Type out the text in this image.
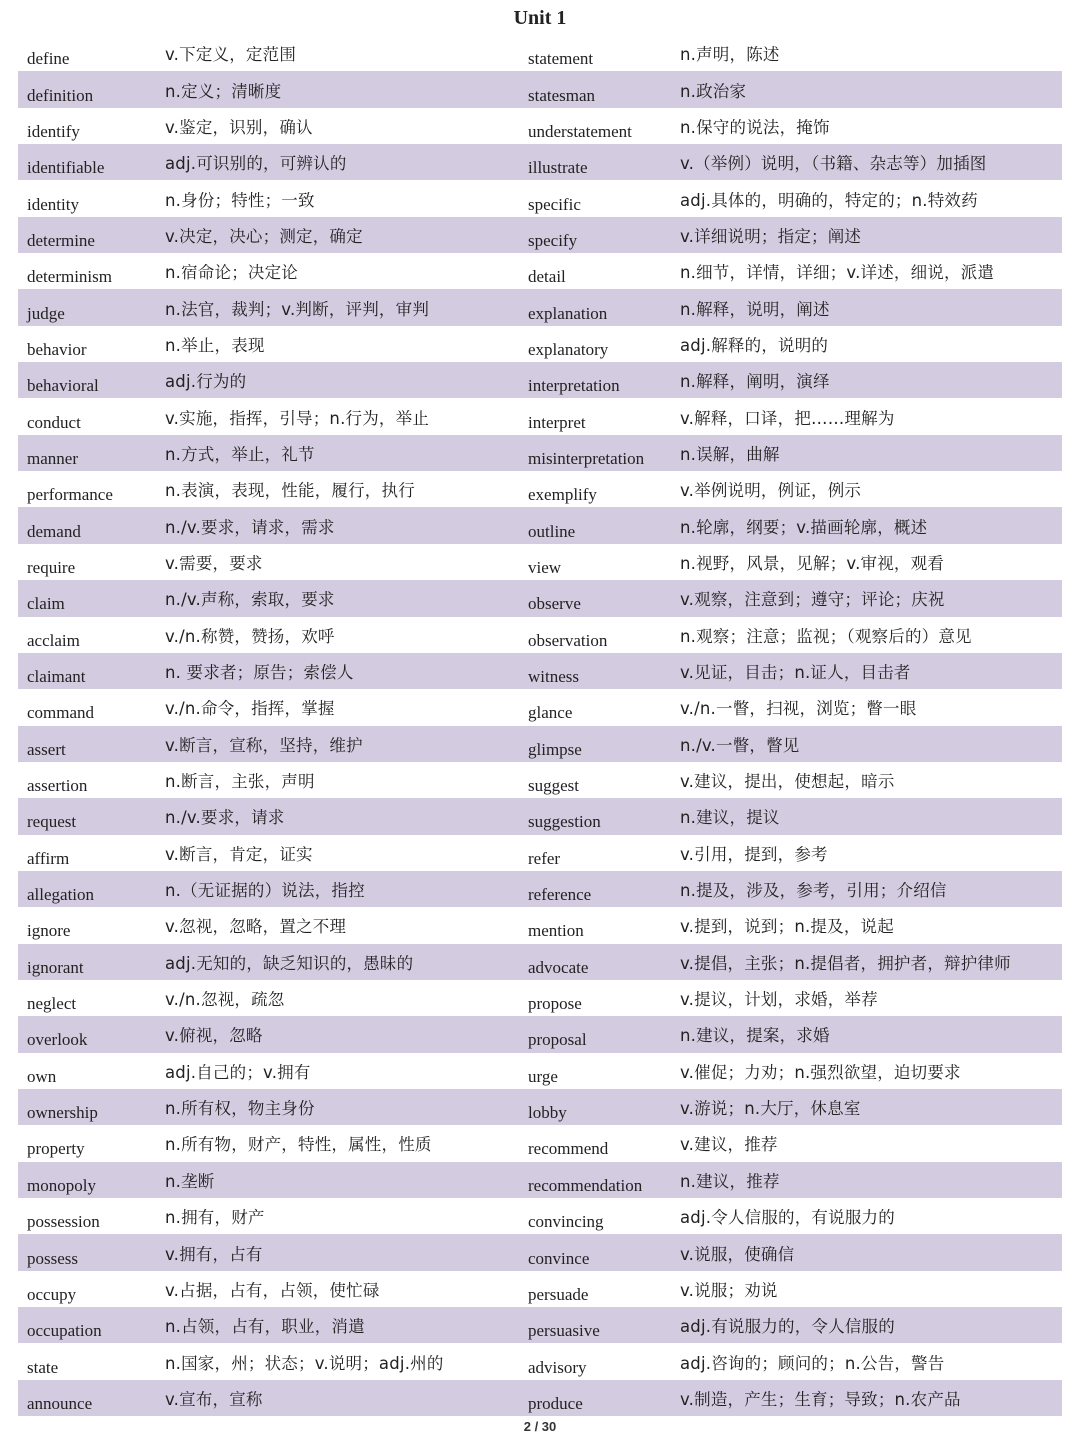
Unit 1
define	v.下定义，定范围	statement	n.声明，陈述
definition	n.定义；清晰度	statesman	n.政治家
identify	v.鉴定，识别，确认	understatement	n.保守的说法，掩饰
identifiable	adj.可识别的，可辨认的	illustrate	v.（举例）说明，（书籍、杂志等）加插图
identity	n.身份；特性；一致	specific	adj.具体的，明确的，特定的；n.特效药
determine	v.决定，决心；测定，确定	specify	v.详细说明；指定；阐述
determinism	n.宿命论；决定论	detail	n.细节，详情，详细；v.详述，细说，派遣
judge	n.法官，裁判；v.判断，评判，审判	explanation	n.解释，说明，阐述
behavior	n.举止，表现	explanatory	adj.解释的，说明的
behavioral	adj.行为的	interpretation	n.解释，阐明，演绎
conduct	v.实施，指挥，引导；n.行为，举止	interpret	v.解释，口译，把……理解为
manner	n.方式，举止，礼节	misinterpretation	n.误解，曲解
performance	n.表演，表现，性能，履行，执行	exemplify	v.举例说明，例证，例示
demand	n./v.要求，请求，需求	outline	n.轮廓，纲要；v.描画轮廓，概述
require	v.需要，要求	view	n.视野，风景，见解；v.审视，观看
claim	n./v.声称，索取，要求	observe	v.观察，注意到；遵守；评论；庆祝
acclaim	v./n.称赞，赞扬，欢呼	observation	n.观察；注意；监视；（观察后的）意见
claimant	n. 要求者；原告；索偿人	witness	v.见证，目击；n.证人，目击者
command	v./n.命令，指挥，掌握	glance	v./n.一瞥，扫视，浏览；瞥一眼
assert	v.断言，宣称，坚持，维护	glimpse	n./v.一瞥，瞥见
assertion	n.断言，主张，声明	suggest	v.建议，提出，使想起，暗示
request	n./v.要求，请求	suggestion	n.建议，提议
affirm	v.断言，肯定，证实	refer	v.引用，提到，参考
allegation	n.（无证据的）说法，指控	reference	n.提及，涉及，参考，引用；介绍信
ignore	v.忽视，忽略，置之不理	mention	v.提到，说到；n.提及，说起
ignorant	adj.无知的，缺乏知识的，愚昧的	advocate	v.提倡，主张；n.提倡者，拥护者，辩护律师
neglect	v./n.忽视，疏忽	propose	v.提议，计划，求婚，举荐
overlook	v.俯视，忽略	proposal	n.建议，提案，求婚
own	adj.自己的；v.拥有	urge	v.催促；力劝；n.强烈欲望，迫切要求
ownership	n.所有权，物主身份	lobby	v.游说；n.大厅，休息室
property	n.所有物，财产，特性，属性，性质	recommend	v.建议，推荐
monopoly	n.垄断	recommendation	n.建议，推荐
possession	n.拥有，财产	convincing	adj.令人信服的，有说服力的
possess	v.拥有，占有	convince	v.说服，使确信
occupy	v.占据，占有，占领，使忙碌	persuade	v.说服；劝说
occupation	n.占领，占有，职业，消遣	persuasive	adj.有说服力的，令人信服的
state	n.国家，州；状态；v.说明；adj.州的	advisory	adj.咨询的；顾问的；n.公告，警告
announce	v.宣布，宣称	produce	v.制造，产生；生育；导致；n.农产品
2 / 30
